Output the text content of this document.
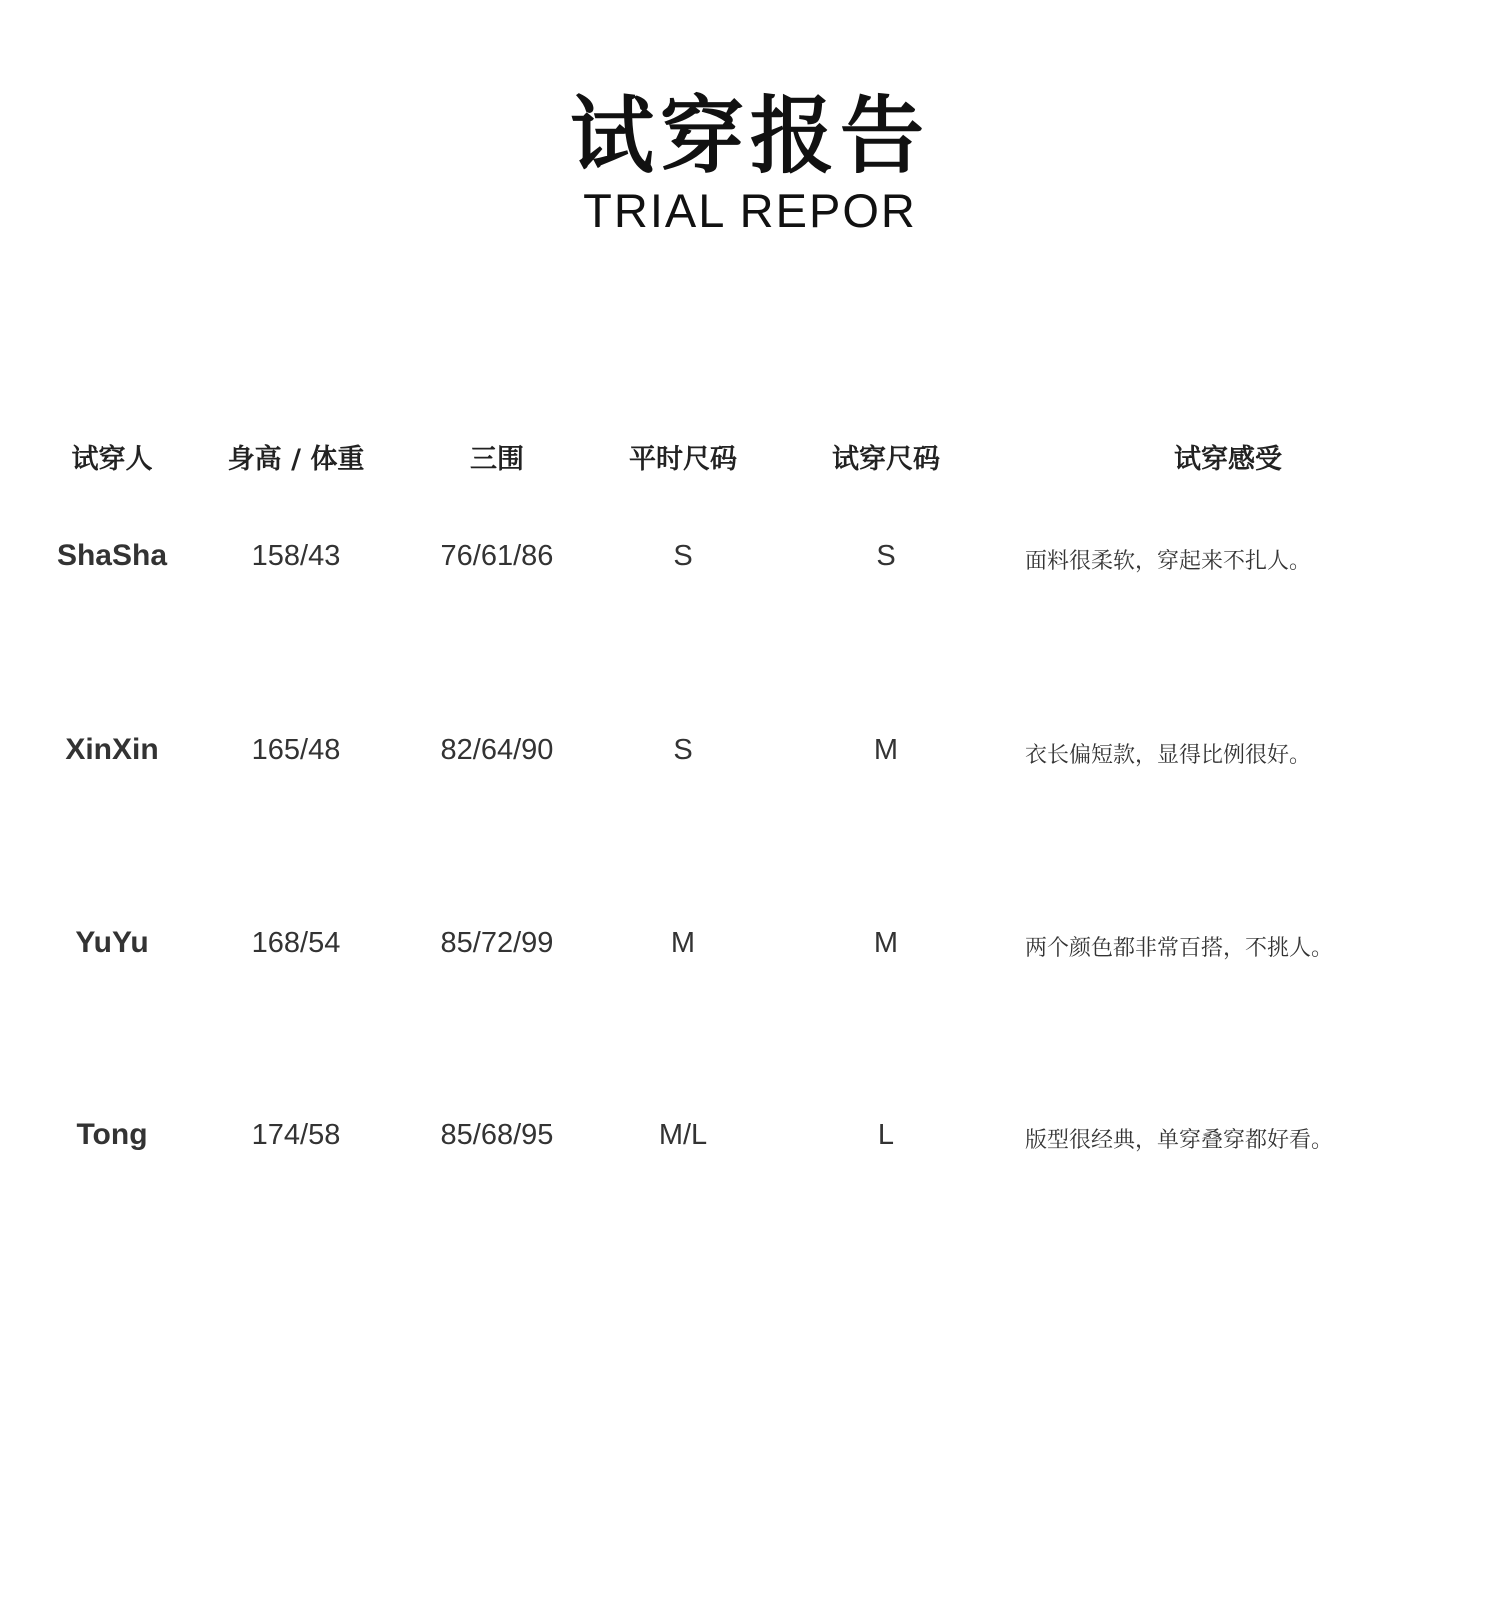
试穿报告
TRIAL REPOR
试穿人	身高 / 体重	三围	平时尺码	试穿尺码	试穿感受
ShaSha	158/43	76/61/86	S	S	面料很柔软，穿起来不扎人。
XinXin	165/48	82/64/90	S	M	衣长偏短款，显得比例很好。
YuYu	168/54	85/72/99	M	M	两个颜色都非常百搭，不挑人。
Tong	174/58	85/68/95	M/L	L	版型很经典，单穿叠穿都好看。
